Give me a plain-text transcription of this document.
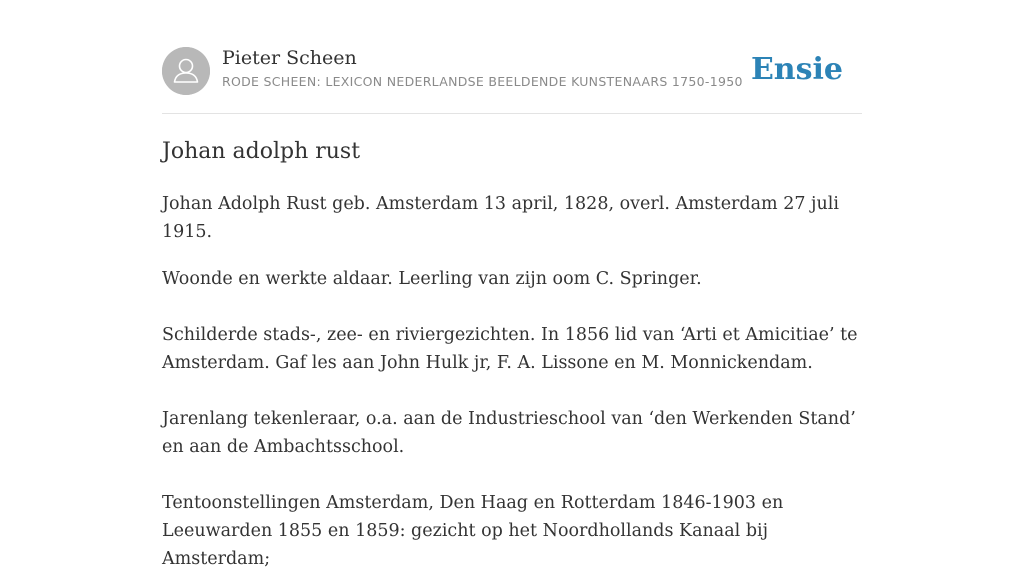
Pieter Scheen
RODE SCHEEN: LEXICON NEDERLANDSE BEELDENDE KUNSTENAARS 1750-1950 Ensie
Johan adolph rust

Johan Adolph Rust geb. Amsterdam 13 april, 1828, overl. Amsterdam 27 juli 1915.

Woonde en werkte aldaar. Leerling van zijn oom C. Springer.

Schilderde stads-, zee- en riviergezichten. In 1856 lid van ‘Arti et Amicitiae’ te Amsterdam. Gaf les aan John Hulk jr, F. A. Lissone en M. Monnickendam.

Jarenlang tekenleraar, o.a. aan de Industrieschool van ‘den Werkenden Stand’ en aan de Ambachtsschool.

Tentoonstellingen Amsterdam, Den Haag en Rotterdam 1846-1903 en Leeuwarden 1855 en 1859: gezicht op het Noordhollands Kanaal bij Amsterdam;
